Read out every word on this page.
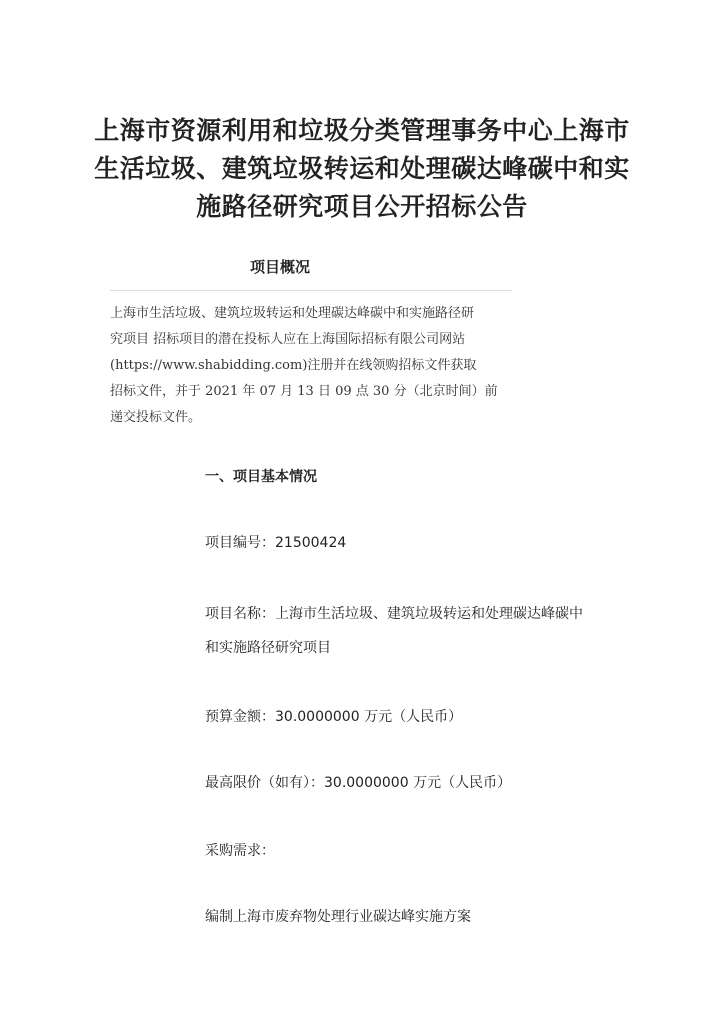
上海市资源利用和垃圾分类管理事务中心上海市
生活垃圾、建筑垃圾转运和处理碳达峰碳中和实
施路径研究项目公开招标公告
项目概况
上海市生活垃圾、建筑垃圾转运和处理碳达峰碳中和实施路径研
究项目 招标项目的潜在投标人应在上海国际招标有限公司网站
(https://www.shabidding.com)注册并在线领购招标文件获取
招标文件，并于 2021 年 07 月 13 日 09 点 30 分（北京时间）前
递交投标文件。
一、项目基本情况
项目编号：21500424
项目名称：上海市生活垃圾、建筑垃圾转运和处理碳达峰碳中
和实施路径研究项目
预算金额：30.0000000 万元（人民币）
最高限价（如有）：30.0000000 万元（人民币）
采购需求：
编制上海市废弃物处理行业碳达峰实施方案
